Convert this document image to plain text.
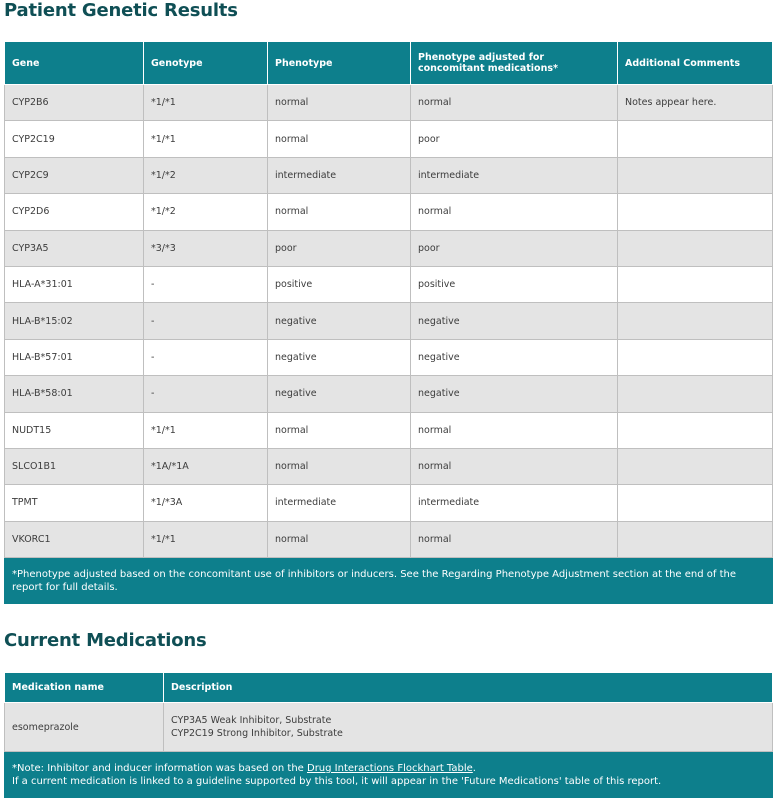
Patient Genetic Results
Gene	Genotype	Phenotype	Phenotype adjusted for concomitant medications*	Additional Comments
CYP2B6	*1/*1	normal	normal	Notes appear here.
CYP2C19	*1/*1	normal	poor	
CYP2C9	*1/*2	intermediate	intermediate	
CYP2D6	*1/*2	normal	normal	
CYP3A5	*3/*3	poor	poor	
HLA-A*31:01	-	positive	positive	
HLA-B*15:02	-	negative	negative	
HLA-B*57:01	-	negative	negative	
HLA-B*58:01	-	negative	negative	
NUDT15	*1/*1	normal	normal	
SLCO1B1	*1A/*1A	normal	normal	
TPMT	*1/*3A	intermediate	intermediate	
VKORC1	*1/*1	normal	normal	
*Phenotype adjusted based on the concomitant use of inhibitors or inducers. See the Regarding Phenotype Adjustment section at the end of the report for full details.				
Current Medications
Medication name	Description
esomeprazole	CYP3A5 Weak Inhibitor, Substrate
CYP2C19 Strong Inhibitor, Substrate

*Note: Inhibitor and inducer information was based on the Drug Interactions Flockhart Table.
If a current medication is linked to a guideline supported by this tool, it will appear in the 'Future Medications' table of this report.	
